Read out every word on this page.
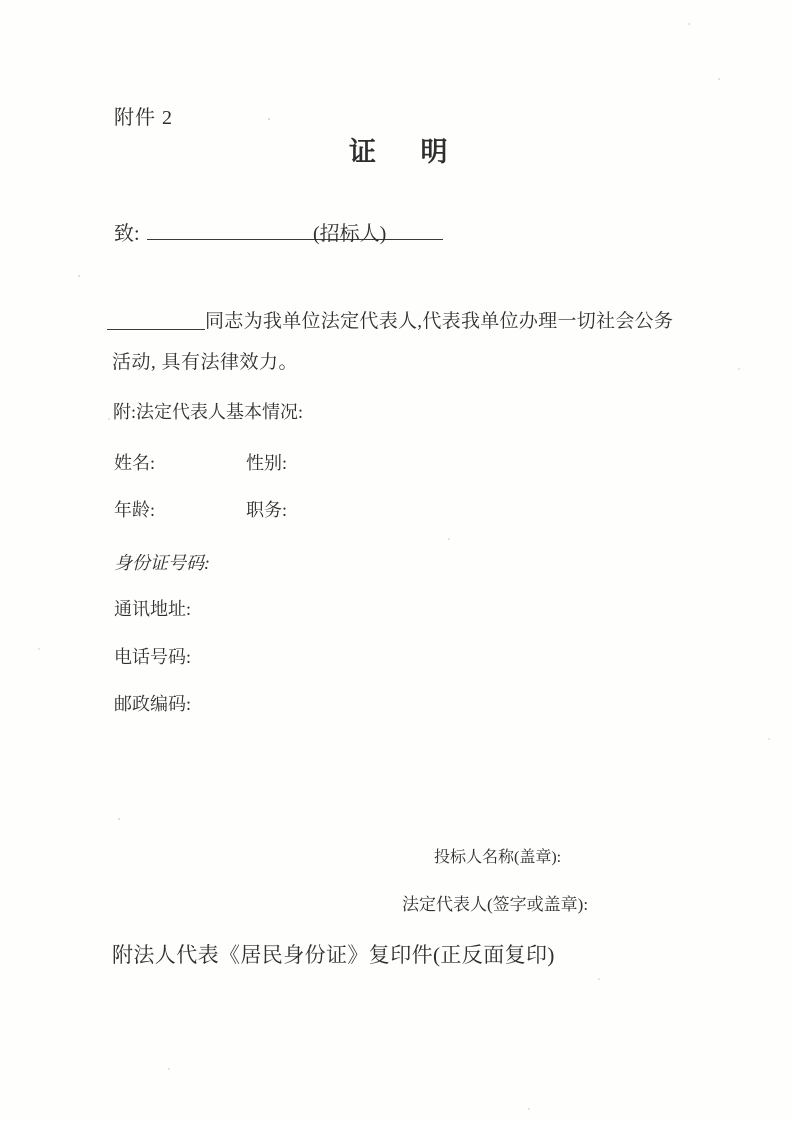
附件 2
证明
致:	(招标人)
同志为我单位法定代表人,代表我单位办理一切社会公务
活动, 具有法律效力。
附:法定代表人基本情况:
姓名:	性别:
年龄:	职务:
身份证号码:
通讯地址:
电话号码:
邮政编码:
投标人名称(盖章):
法定代表人(签字或盖章):
附法人代表《居民身份证》复印件(正反面复印)
